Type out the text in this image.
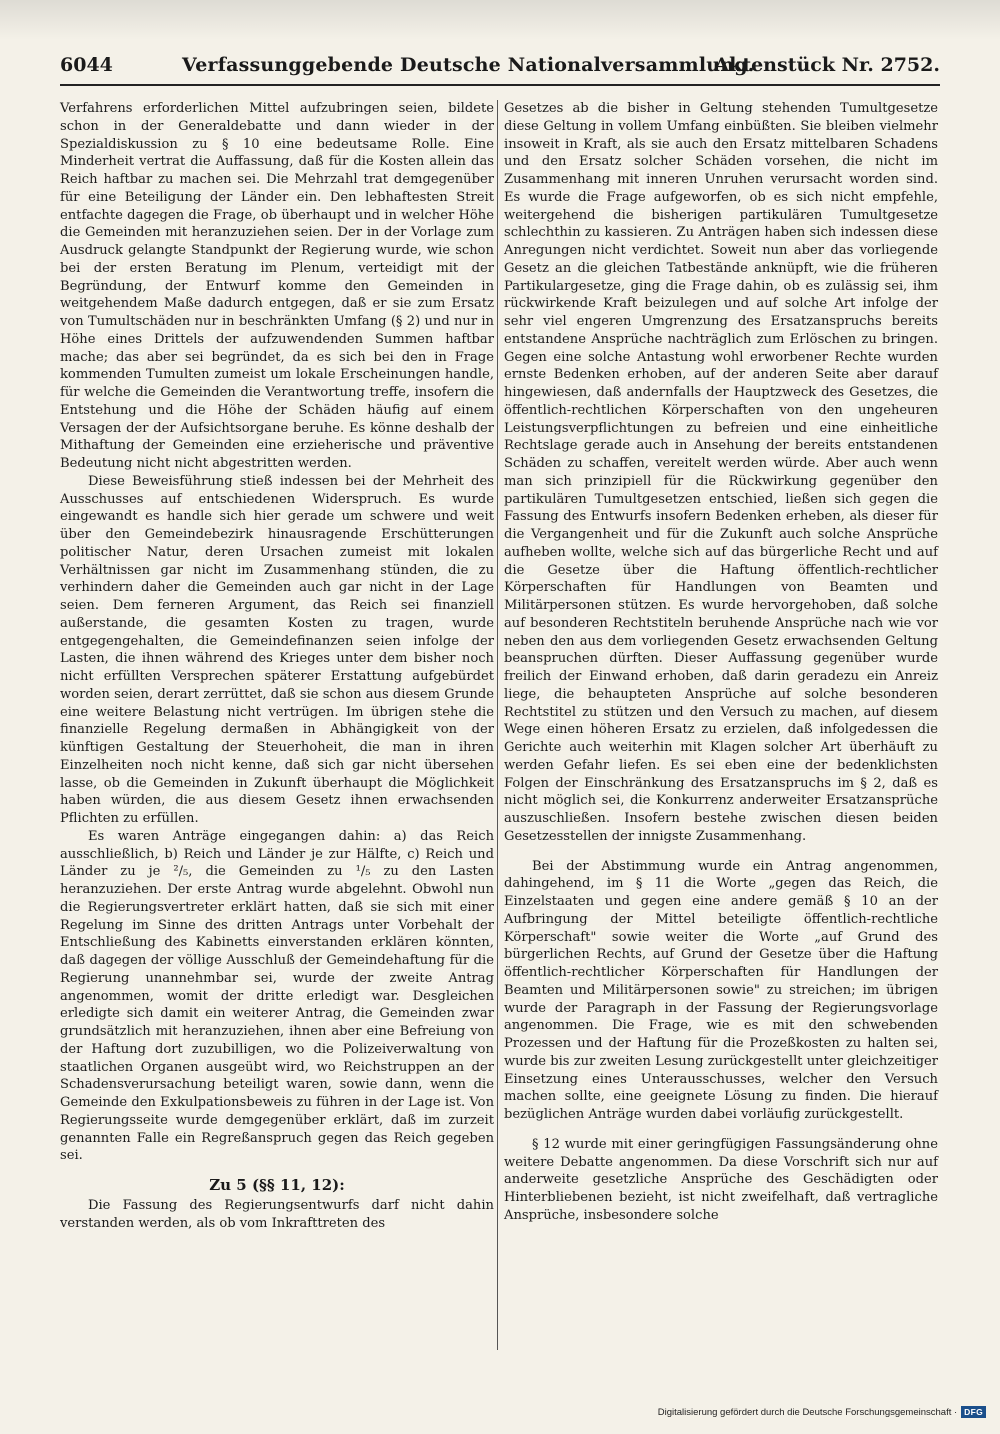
6044	Verfassunggebende Deutsche Nationalversammlung.
Aktenstück Nr. 2752.

Verfahrens erforderlichen Mittel aufzubringen seien, bildete schon in der Generaldebatte und dann wieder in der Spezialdiskussion zu § 10 eine bedeutsame Rolle. Eine Minderheit vertrat die Auffassung, daß für die Kosten allein das Reich haftbar zu machen sei. Die Mehrzahl trat demgegenüber für eine Beteiligung der Länder ein. Den lebhaftesten Streit entfachte dagegen die Frage, ob überhaupt und in welcher Höhe die Gemeinden mit heranzuziehen seien. Der in der Vorlage zum Ausdruck gelangte Standpunkt der Regierung wurde, wie schon bei der ersten Beratung im Plenum, verteidigt mit der Begründung, der Entwurf komme den Gemeinden in weitgehendem Maße dadurch entgegen, daß er sie zum Ersatz von Tumultschäden nur in beschränkten Umfang (§ 2) und nur in Höhe eines Drittels der aufzuwendenden Summen haftbar mache; das aber sei begründet, da es sich bei den in Frage kommenden Tumulten zumeist um lokale Erscheinungen handle, für welche die Gemeinden die Verantwortung treffe, insofern die Entstehung und die Höhe der Schäden häufig auf einem Versagen der der Aufsichtsorgane beruhe. Es könne deshalb der Mithaftung der Gemeinden eine erzieherische und präventive Bedeutung nicht nicht abgestritten werden.

Diese Beweisführung stieß indessen bei der Mehrheit des Ausschusses auf entschiedenen Widerspruch. Es wurde eingewandt es handle sich hier gerade um schwere und weit über den Gemeindebezirk hinausragende Erschütterungen politischer Natur, deren Ursachen zumeist mit lokalen Verhältnissen gar nicht im Zusammenhang stünden, die zu verhindern daher die Gemeinden auch gar nicht in der Lage seien. Dem ferneren Argument, das Reich sei finanziell außerstande, die gesamten Kosten zu tragen, wurde entgegengehalten, die Gemeindefinanzen seien infolge der Lasten, die ihnen während des Krieges unter dem bisher noch nicht erfüllten Versprechen späterer Erstattung aufgebürdet worden seien, derart zerrüttet, daß sie schon aus diesem Grunde eine weitere Belastung nicht vertrügen. Im übrigen stehe die finanzielle Regelung dermaßen in Abhängigkeit von der künftigen Gestaltung der Steuerhoheit, die man in ihren Einzelheiten noch nicht kenne, daß sich gar nicht übersehen lasse, ob die Gemeinden in Zukunft überhaupt die Möglichkeit haben würden, die aus diesem Gesetz ihnen erwachsenden Pflichten zu erfüllen.

Es waren Anträge eingegangen dahin: a) das Reich ausschließlich, b) Reich und Länder je zur Hälfte, c) Reich und Länder zu je ²/₅, die Gemeinden zu ¹/₅ zu den Lasten heranzuziehen. Der erste Antrag wurde abgelehnt. Obwohl nun die Regierungsvertreter erklärt hatten, daß sie sich mit einer Regelung im Sinne des dritten Antrags unter Vorbehalt der Entschließung des Kabinetts einverstanden erklären könnten, daß dagegen der völlige Ausschluß der Gemeindehaftung für die Regierung unannehmbar sei, wurde der zweite Antrag angenommen, womit der dritte erledigt war. Desgleichen erledigte sich damit ein weiterer Antrag, die Gemeinden zwar grundsätzlich mit heranzuziehen, ihnen aber eine Befreiung von der Haftung dort zuzubilligen, wo die Polizeiverwaltung von staatlichen Organen ausgeübt wird, wo Reichstruppen an der Schadensverursachung beteiligt waren, sowie dann, wenn die Gemeinde den Exkulpationsbeweis zu führen in der Lage ist. Von Regierungsseite wurde demgegenüber erklärt, daß im zurzeit genannten Falle ein Regreßanspruch gegen das Reich gegeben sei.

Zu 5 (§§ 11, 12):

Die Fassung des Regierungsentwurfs darf nicht dahin verstanden werden, als ob vom Inkrafttreten des

Gesetzes ab die bisher in Geltung stehenden Tumultgesetze diese Geltung in vollem Umfang einbüßten. Sie bleiben vielmehr insoweit in Kraft, als sie auch den Ersatz mittelbaren Schadens und den Ersatz solcher Schäden vorsehen, die nicht im Zusammenhang mit inneren Unruhen verursacht worden sind. Es wurde die Frage aufgeworfen, ob es sich nicht empfehle, weitergehend die bisherigen partikulären Tumultgesetze schlechthin zu kassieren. Zu Anträgen haben sich indessen diese Anregungen nicht verdichtet. Soweit nun aber das vorliegende Gesetz an die gleichen Tatbestände anknüpft, wie die früheren Partikulargesetze, ging die Frage dahin, ob es zulässig sei, ihm rückwirkende Kraft beizulegen und auf solche Art infolge der sehr viel engeren Umgrenzung des Ersatzanspruchs bereits entstandene Ansprüche nachträglich zum Erlöschen zu bringen. Gegen eine solche Antastung wohl erworbener Rechte wurden ernste Bedenken erhoben, auf der anderen Seite aber darauf hingewiesen, daß andernfalls der Hauptzweck des Gesetzes, die öffentlich-rechtlichen Körperschaften von den ungeheuren Leistungsverpflichtungen zu befreien und eine einheitliche Rechtslage gerade auch in Ansehung der bereits entstandenen Schäden zu schaffen, vereitelt werden würde. Aber auch wenn man sich prinzipiell für die Rückwirkung gegenüber den partikulären Tumultgesetzen entschied, ließen sich gegen die Fassung des Entwurfs insofern Bedenken erheben, als dieser für die Vergangenheit und für die Zukunft auch solche Ansprüche aufheben wollte, welche sich auf das bürgerliche Recht und auf die Gesetze über die Haftung öffentlich-rechtlicher Körperschaften für Handlungen von Beamten und Militärpersonen stützen. Es wurde hervorgehoben, daß solche auf besonderen Rechtstiteln beruhende Ansprüche nach wie vor neben den aus dem vorliegenden Gesetz erwachsenden Geltung beanspruchen dürften. Dieser Auffassung gegenüber wurde freilich der Einwand erhoben, daß darin geradezu ein Anreiz liege, die behaupteten Ansprüche auf solche besonderen Rechtstitel zu stützen und den Versuch zu machen, auf diesem Wege einen höheren Ersatz zu erzielen, daß infolgedessen die Gerichte auch weiterhin mit Klagen solcher Art überhäuft zu werden Gefahr liefen. Es sei eben eine der bedenklichsten Folgen der Einschränkung des Ersatzanspruchs im § 2, daß es nicht möglich sei, die Konkurrenz anderweiter Ersatzansprüche auszuschließen. Insofern bestehe zwischen diesen beiden Gesetzesstellen der innigste Zusammenhang.

Bei der Abstimmung wurde ein Antrag angenommen, dahingehend, im § 11 die Worte „gegen das Reich, die Einzelstaaten und gegen eine andere gemäß § 10 an der Aufbringung der Mittel beteiligte öffentlich-rechtliche Körperschaft" sowie weiter die Worte „auf Grund des bürgerlichen Rechts, auf Grund der Gesetze über die Haftung öffentlich-rechtlicher Körperschaften für Handlungen der Beamten und Militärpersonen sowie" zu streichen; im übrigen wurde der Paragraph in der Fassung der Regierungsvorlage angenommen. Die Frage, wie es mit den schwebenden Prozessen und der Haftung für die Prozeßkosten zu halten sei, wurde bis zur zweiten Lesung zurückgestellt unter gleichzeitiger Einsetzung eines Unterausschusses, welcher den Versuch machen sollte, eine geeignete Lösung zu finden. Die hierauf bezüglichen Anträge wurden dabei vorläufig zurückgestellt.

§ 12 wurde mit einer geringfügigen Fassungsänderung ohne weitere Debatte angenommen. Da diese Vorschrift sich nur auf anderweite gesetzliche Ansprüche des Geschädigten oder Hinterbliebenen bezieht, ist nicht zweifelhaft, daß vertragliche Ansprüche, insbesondere solche

Digitalisierung gefördert durch die Deutsche Forschungsgemeinschaft · DFG
